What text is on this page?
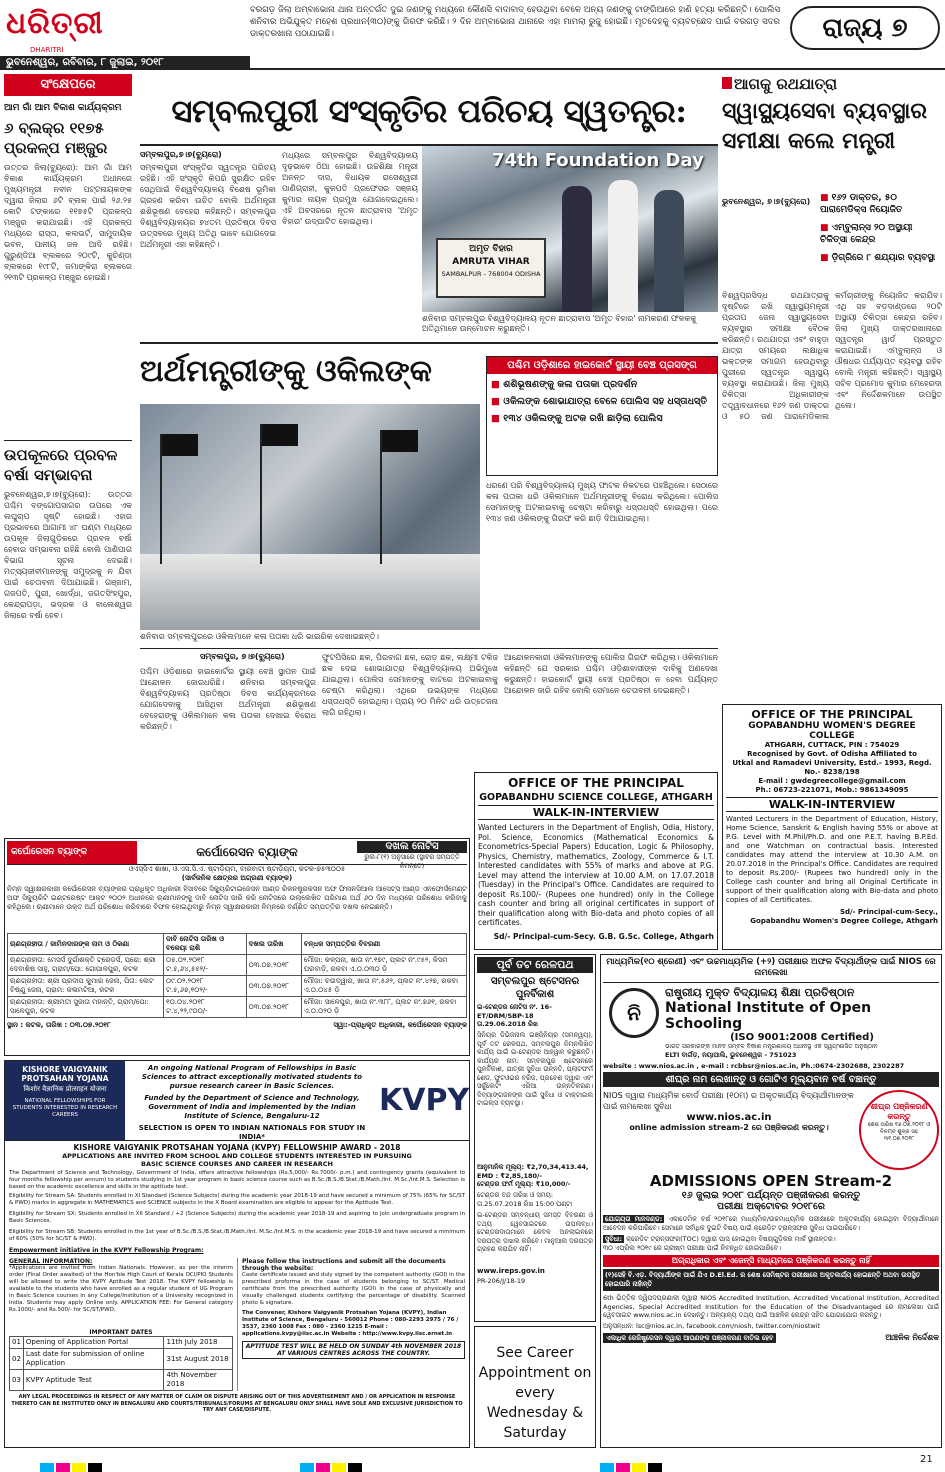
ଧରିତ୍ରୀ
DHARITRI
ଭୁବନେଶ୍ୱର, ରବିବାର, ୮ ଜୁଲାଇ, ୨୦୧୮
ବରଗଡ଼ ଜିଲା ଅମ୍ବାଭୋନା ଥାନା ଅନ୍ତର୍ଗତ ଦୁଇ ଜଣଙ୍କୁ ମଧ୍ୟରେ କୌଣସି ବାଦାବାଦ୍ ହେଉଥିବା ବେଳେ ଅନ୍ୟ ଜଣଙ୍କୁ ଟାଙ୍ଗିଆରେ ହାଣି ହତ୍ୟା କରିଛନ୍ତି। ପୋଲିସ ଶନିବାର ଅଭିଯୁକ୍ତ ମହେଶ ପ୍ରଧାନ(୩୦)ଙ୍କୁ ଗିରଫ କରିଛି। ୨ ଦିନ ଅମ୍ବାଭୋନା ଥାନାରେ ଏହା ମାମଲା ରୁଜୁ ହୋଇଛି। ମୃତଦେହକୁ ବ୍ୟବଚ୍ଛେଦ ପାଇଁ ବରଗଡ଼ ସଦର ଡାକ୍ତରଖାନା ପଠାଯାଇଛି।	ରାଜ୍ୟ ୭
ସଂକ୍ଷେପରେ
ଆମ ଗାଁ ଆମ ବିକାଶ କାର୍ଯ୍ୟକ୍ରମ
୬ ବ୍ଲକ୍‌ର ୧୧୭୫ ପ୍ରକଳ୍ପ ମଞ୍ଜୁର
ଉତ୍ତର ଜିଲା(ବ୍ୟୁରୋ): ଆମ ଗାଁ ଆମ ବିକାଶ କାର୍ଯ୍ୟକ୍ରମ ଅଧୀନରେ ମୁଖ୍ୟମନ୍ତ୍ରୀ ନବୀନ ପଟ୍ଟନାୟକଙ୍କ ଦ୍ୱାରା ଜିଲାର ୬ଟି ବ୍ଲକ ପାଇଁ ୨୬.୨୫ କୋଟି ଟଙ୍କାରେ ୧୧୭୫ଟି ପ୍ରକଳ୍ପ ମଞ୍ଜୁର କରାଯାଇଛି। ଏହି ପ୍ରକଳ୍ପ ମଧ୍ୟରେ ରାସ୍ତା, କଲଭର୍ଟ, ସାମୁଦାୟିକ ଭବନ, ପାନୀୟ ଜଳ ଆଦି ରହିଛି। ଗୁରୁଣ୍ଡିଆ ବ୍ଲକରେ ୨୦୯ଟି, କୁଚିଣ୍ଡା ବ୍ଲକରେ ୧୯୮ଟି, ଜମାଙ୍କିରା ବ୍ଲକରେ ୨୧୩ଟି ପ୍ରକଳ୍ପ ମଞ୍ଜୁର ହୋଇଛି।
ଉପକୂଳରେ ପ୍ରବଳ ବର୍ଷା ସମ୍ଭାବନା
ଭୁବନେଶ୍ୱର,୭।୭(ବ୍ୟୁରୋ): ଉତ୍ତର ପଶ୍ଚିମ ବଙ୍ଗୋପସାଗର ଉପରେ ଏକ ଲଘୁଚାପ ସୃଷ୍ଟି ହୋଇଛି। ଏହାର ପ୍ରଭାବରେ ଆଗାମୀ ୪୮ ଘଣ୍ଟା ମଧ୍ୟରେ ଉପକୂଳ ଜିଲାଗୁଡ଼ିକରେ ପ୍ରବଳ ବର୍ଷା ହେବାର ସମ୍ଭାବନା ରହିଛି ବୋଲି ପାଣିପାଗ ବିଭାଗ ସୂଚନା ଦେଇଛି। ମତ୍ସ୍ୟଜୀବୀମାନଙ୍କୁ ସମୁଦ୍ରକୁ ନ ଯିବା ପାଇଁ ଚେତାବନୀ ଦିଆଯାଇଛି। ଗଞ୍ଜାମ, ଗଜପତି, ପୁରୀ, ଖୋର୍ଦ୍ଧା, ଜଗତସିଂହପୁର, କେନ୍ଦ୍ରାପଡ଼ା, ଭଦ୍ରକ ଓ ବାଲେଶ୍ୱର ଜିଲାରେ ବର୍ଷା ହେବ।
ସମ୍ବଲପୁରୀ ସଂସ୍କୃତିର ପରିଚୟ ସ୍ୱତନ୍ତ୍ର:
ସମ୍ବଲପୁର,୭।୭(ବ୍ୟୁରୋ)
ସମ୍ବଲପୁରୀ ସଂସ୍କୃତିର ସ୍ୱତନ୍ତ୍ର ପରିଚୟ ରହିଛି। ଏହି ସଂସ୍କୃତି କିପରି ସୁରକ୍ଷିତ ରହିବ ସେଥିପାଇଁ ବିଶ୍ୱବିଦ୍ୟାଳୟ ବିଶେଷ ଭୂମିକା ଗ୍ରହଣ କରିବା ଉଚିତ ବୋଲି ଅର୍ଥମନ୍ତ୍ରୀ ଶଶିଭୂଷଣ ବେହେରା କହିଛନ୍ତି। ସମ୍ବଲପୁର ବିଶ୍ୱବିଦ୍ୟାଳୟର ୭୪ତମ ପ୍ରତିଷ୍ଠା ଦିବସ ଉତ୍ସବରେ ମୁଖ୍ୟ ଅତିଥି ଭାବେ ଯୋଗଦେଇ ଅର୍ଥମନ୍ତ୍ରୀ ଏହା କହିଛନ୍ତି।
ମଧ୍ୟରେ ସମ୍ବଲପୁର ବିଶ୍ୱବିଦ୍ୟାଳୟ ଦୃଢ଼ଭାବେ ଠିଆ ହୋଇଛି। ଉଚ୍ଚଶିକ୍ଷା ମନ୍ତ୍ରୀ ଅନନ୍ତ ଦାସ, ବିଧାୟକ ରାସେଶ୍ୱରୀ ପାଣିଗ୍ରାହୀ, କୁଳପତି ପ୍ରଫେସର ସଞ୍ଜୟ କୁମାର ନାୟକ ପ୍ରମୁଖ ଯୋଗଦେଇଥିଲେ। ଏହି ଅବସରରେ ନୂତନ ଛାତ୍ରାବାସ 'ଅମୃତ ବିହାର' ଉଦ୍‌ଘାଟିତ ହୋଇଥିଲା।
74th Foundation Day
ଅମୃତ ବିହାର
AMRUTA VIHAR
SAMBALPUR - 768004 ODISHA
ଶନିବାର ସମ୍ବଲପୁର ବିଶ୍ୱବିଦ୍ୟାଳୟ ନୂତନ ଛାତ୍ରାବାସ 'ଅମୃତ ବିହାର' ନାମକରଣ ଫଳକକୁ ଅତିଥିମାନେ ଉନ୍ମୋଚନ କରୁଛନ୍ତି।
ଆଗକୁ ରଥଯାତ୍ରା
ସ୍ୱାସ୍ଥ୍ୟସେବା ବ୍ୟବସ୍ଥାର ସମୀକ୍ଷା କଲେ ମନ୍ତ୍ରୀ
ଭୁବନେଶ୍ୱର, ୭।୭(ବ୍ୟୁରୋ)	■ ୧୬୨ ଡାକ୍ତର, ୫୦ ପାରାମେଡିକ୍ସ ନିୟୋଜିତ
■ ଏମ୍ବୁଲାନ୍ସ ୨୦ ଅସ୍ଥାୟୀ ଚିକିତ୍ସା କେନ୍ଦ୍ର
■ ଡ଼ିଗ୍ରିରେ ୮ ଶଯ୍ୟାର ବ୍ୟବସ୍ଥା
ବିଶ୍ୱପ୍ରସିଦ୍ଧ ରଥଯାତ୍ରାକୁ ଦୃଷ୍ଟିରେ ରଖି ସ୍ୱାସ୍ଥ୍ୟମନ୍ତ୍ରୀ ପ୍ରତାପ ଜେନା ସ୍ୱାସ୍ଥ୍ୟସେବା ବ୍ୟବସ୍ଥାର ସମୀକ୍ଷା ବୈଠକ କରିଛନ୍ତି। ରଥଯାତ୍ରା ଏବଂ ବାହୁଡ଼ା ଯାତ୍ରା ସମୟରେ ଲକ୍ଷାଧିକ ଭକ୍ତଙ୍କ ସମାଗମ ହେଉଥିବାରୁ ପୁରୀରେ ସ୍ୱତନ୍ତ୍ର ସ୍ୱାସ୍ଥ୍ୟ ବ୍ୟବସ୍ଥା କରାଯାଉଛି। ଜିଲା ମୁଖ୍ୟ ଚିକିତ୍ସା ଅଧିକାରୀଙ୍କ ତତ୍ତ୍ୱାବଧାନରେ ୧୬୨ ଜଣ ଡାକ୍ତର ଓ ୫୦ ଜଣ ପାରାମେଡିକାଲ କର୍ମଚାରୀଙ୍କୁ ନିୟୋଜିତ କରାଯିବ। ଏଥି ସହ ବଡ଼ଦାଣ୍ଡରେ ୨୦ଟି ଅସ୍ଥାୟୀ ଚିକିତ୍ସା କେନ୍ଦ୍ର ରହିବ। ଜିଲା ମୁଖ୍ୟ ଡାକ୍ତରଖାନାରେ ସ୍ୱତନ୍ତ୍ର ୱାର୍ଡ ପ୍ରସ୍ତୁତ କରାଯାଇଛି। ଏମ୍ବୁଲାନ୍ସ ଓ ଔଷଧର ପର୍ଯ୍ୟାପ୍ତ ବ୍ୟବସ୍ଥା ରହିବ ବୋଲି ମନ୍ତ୍ରୀ କହିଛନ୍ତି। ସ୍ୱାସ୍ଥ୍ୟ ସଚିବ ପ୍ରମୋଦ କୁମାର ମେହେରଦା ଏବଂ ନିର୍ଦ୍ଦେଶକମାନେ ଉପସ୍ଥିତ ଥିଲେ।
ଅର୍ଥମନ୍ତ୍ରୀଙ୍କୁ ଓକିଲଙ୍କ
ଶନିବାର ସମ୍ବଲପୁରରେ ଓକିଲମାନେ କଳା ପତାକା ଧରି ଭାଇରିକ ଦେଖାଇଛନ୍ତି।
ପଶ୍ଚିମ ଓଡ଼ିଶାରେ ହାଇକୋର୍ଟ ସ୍ଥାୟୀ ବେଞ୍ଚ ପ୍ରସଙ୍ଗ
■ ଶଶିଭୂଷଣଙ୍କୁ କଳା ପତାକା ପ୍ରଦର୍ଶନ
■ ଓକିଲଙ୍କ ଶୋଭାଯାତ୍ରା ବେଳେ ପୋଲିସ ସହ ଧସ୍ତାଧସ୍ତି
■ ୧୩୪ ଓକିଲଙ୍କୁ ଅଟକ ରଖି ଛାଡ଼ିଲା ପୋଲିସ
ଧରଣେ ପରି ବିଶ୍ୱବିଦ୍ୟାଳୟ ମୁଖ୍ୟ ଫାଟକ ନିକଟରେ ପହଞ୍ଚିଥିଲେ। ସେଠାରେ କଳା ପତାକା ଧରି ଓକିଲମାନେ ଅର୍ଥମନ୍ତ୍ରୀଙ୍କୁ ବିରୋଧ କରିଥିଲେ। ପୋଲିସ ସେମାନଙ୍କୁ ଅଟକାଇବାକୁ ଚେଷ୍ଟା କରିବାରୁ ଧସ୍ତାଧସ୍ତି ହୋଇଥିଲା। ପରେ ୧୩୪ ଜଣ ଓକିଲଙ୍କୁ ଗିରଫ କରି ଛାଡ଼ି ଦିଆଯାଇଥିଲା।
ସମ୍ବଲପୁର, ୭।୭(ବ୍ୟୁରୋ)
ପଶ୍ଚିମ ଓଡ଼ିଶାରେ ହାଇକୋର୍ଟର ସ୍ଥାୟୀ ବେଞ୍ଚ ସ୍ଥାପନ ପାଇଁ ଆନ୍ଦୋଳନ ଜୋରଧରିଛି। ଶନିବାର ସମ୍ବଲପୁର ବିଶ୍ୱବିଦ୍ୟାଳୟ ପ୍ରତିଷ୍ଠା ଦିବସ କାର୍ଯ୍ୟକ୍ରମରେ ଯୋଗଦେବାକୁ ଆସିଥିବା ଅର୍ଥମନ୍ତ୍ରୀ ଶଶିଭୂଷଣ ବେହେରାଙ୍କୁ ଓକିଲମାନେ କଳା ପତାକା ଦେଖାଇ ବିରୋଧ କରିଛନ୍ତି।
ଫୁଟପିସିରେ ଛକ, ପିରବାଗ ଛକ, ରୋଡ଼ ଛକ, ଲକ୍ଷ୍ମୀ ଟକିଜ ଛକ ଦେଇ ଶୋଭାଯାତ୍ରା ବିଶ୍ୱବିଦ୍ୟାଳୟ ଅଭିମୁଖେ ଯାଇଥିଲା। ପୋଲିସ ସେମାନଙ୍କୁ ବାଟରେ ଅଟକାଇବାକୁ ଚେଷ୍ଟା କରିଥିଲା। ଏଥିରେ ଉଭୟଙ୍କ ମଧ୍ୟରେ ଧସ୍ତାଧସ୍ତି ହୋଇଥିଲା। ପ୍ରାୟ ୨୦ ମିନିଟ ଧରି ଉତ୍ତେଜନା ଲାଗି ରହିଥିଲା।
ଆନ୍ଦୋଳନକାରୀ ଓକିଲମାନଙ୍କୁ ପୋଲିସ ଗିରଫ କରିଥିଲା। ଓକିଲମାନେ କହିଛନ୍ତି ଯେ ସରକାର ପଶ୍ଚିମ ଓଡ଼ିଶାବାସୀଙ୍କ ଦାବିକୁ ଅଣଦେଖା କରୁଛନ୍ତି। ହାଇକୋର୍ଟ ସ୍ଥାୟୀ ବେଞ୍ଚ ପ୍ରତିଷ୍ଠା ନ ହେବା ପର୍ଯ୍ୟନ୍ତ ଆନ୍ଦୋଳନ ଜାରି ରହିବ ବୋଲି ସେମାନେ ଚେତାବନୀ ଦେଇଛନ୍ତି।
OFFICE OF THE PRINCIPAL
GOPABANDHU SCIENCE COLLEGE, ATHGARH
WALK-IN-INTERVIEW
Wanted Lecturers in the Department of English, Odia, History, Pol. Science, Economics (Mathematical Economics & Econometrics-Special Papers) Education, Logic & Philosophy, Physics, Chemistry, mathematics, Zoology, Commerce & I.T. Interested candidates with 55% of marks and above at P.G. Level may attend the interview at 10.00 A.M. on 17.07.2018 (Tuesday) in the Principal's Office. Candidates are required to deposit Rs.100/- (Rupees one hundred) only in the College cash counter and bring all original certificates in support of their qualification along with Bio-data and photo copies of all certificates.
Sd/- Principal-cum-Secy. G.B. G.Sc. College, Athgarh
OFFICE OF THE PRINCIPAL
GOPABANDHU WOMEN'S DEGREE COLLEGE
ATHGARH, CUTTACK, PIN : 754029
Recognised by Govt. of Odisha Affiliated to
Utkal and Ramadevi University, Estd.- 1993, Regd. No.- 8238/198
E-mail : gwdegreecollege@gmail.com
Ph.: 06723-221071, Mob.: 9861349095
WALK-IN-INTERVIEW
Wanted Lecturers in the Department of Education, History, Home Science, Sanskrit & English having 55% or above at P.G. Level with M.Phil/Ph.D. and one P.E.T. having B.P.Ed. and one Watchman on contractual basis. Interested candidates may attend the interview at 10.30 A.M. on 20.07.2018 in the Principal's Office. Candidates are required to deposit Rs.200/- (Rupees two hundred) only in the College cash counter and bring all Original Certificate in support of their qualification along with Bio-data and photo copies of all Certificates.
Sd/- Principal-cum-Secy.,
Gopabandhu Women's Degree College, Athgarh
କର୍ପୋରେସନ ବ୍ୟାଙ୍କ Corporation Bank
କର୍ପୋରେସନ ବ୍ୟାଙ୍କ	ଦଖଲ ନୋଟିସ
ରୁଲ-୮(୧) ଅନୁସାରେ (ସ୍ଥାବର ସମ୍ପତ୍ତି ନିମନ୍ତେ)
ଓଏସ୍‌ସିଏ ଶାଖା, ଓ.ଏସ.ସି.ଏ. ଷ୍ଟାଡ଼ିୟମ, ବାରବାଟୀ ଷ୍ଟାଡ଼ିୟମ, କଟକ-୭୫୩୦୦୫
(ସାର୍ବଜନିକ କ୍ଷେତ୍ରର ଅଗ୍ରଣୀ ବ୍ୟାଙ୍କ)
ନିମ୍ନ ସ୍ୱାକ୍ଷରକାରୀ କର୍ପୋରେସନ ବ୍ୟାଙ୍କର ପ୍ରାଧିକୃତ ଅଧିକାରୀ ହିସାବରେ ସିକ୍ୟୁରିଟାଇଜେସନ ଆଣ୍ଡ ରିକନଷ୍ଟ୍ରକସନ ଅଫ ଫିନାନସିଆଲ ଆସେଟ୍‌ସ ଆଣ୍ଡ ଏନଫୋର୍ସମେଣ୍ଟ ଅଫ ସିକ୍ୟୁରିଟି ଇଣ୍ଟରେଷ୍ଟ ଆକ୍ଟ ୨୦୦୨ ଅଧୀନରେ ଋଣୀମାନଙ୍କୁ ଦାବି ନୋଟିସ ଜାରି କରି ନୋଟିସରେ ଉଲ୍ଲେଖିତ ପରିମାଣ ଅର୍ଥ ୬୦ ଦିନ ମଧ୍ୟରେ ପରିଶୋଧ କରିବାକୁ କହିଥିଲେ। ଋଣୀମାନେ ଉକ୍ତ ଅର୍ଥ ପରିଶୋଧ କରିବାରେ ବିଫଳ ହୋଇଥିବାରୁ ନିମ୍ନ ସ୍ୱାକ୍ଷରକାରୀ ନିମ୍ନରେ ବର୍ଣ୍ଣିତ ସମ୍ପତ୍ତିର ଦଖଲ ନେଇଛନ୍ତି।
ଋଣଗ୍ରହୀତା / ଜାମିନଦାରଙ୍କ ନାମ ଓ ଠିକଣା	ଦାବି ନୋଟିସ ତାରିଖ ଓ ବକେୟା ରାଶି	ଦଖଲ ତାରିଖ	ବନ୍ଧକ ସମ୍ପତ୍ତିର ବିବରଣୀ
ଋଣଗ୍ରହୀତା: ମେସର୍ସ ଦୁର୍ଗାଶକ୍ତି ଟ୍ରେଡ଼ର୍ସ, ପ୍ରୋ: ଶ୍ରୀ ଦେବାଶିଷ ସାହୁ, ଗ୍ରାମ/ପୋ: ଗୋପାଳପୁର, କଟକ	୦୫.୦୨.୨୦୧୮ ଟ.୫,୬୪,୫୫୨/-	୦୩.୦୭.୨୦୧୮	ମୌଜା: କଳ୍ପନା, ଖାତା ନଂ.୧୭୯, ପ୍ଲଟ ନଂ.୯୫୨, କିସମ ଘରବାଡ଼ି, ରକବା ଏ.୦.୦୩୦ ଡ଼ି
ଋଣଗ୍ରହୀତା: ଶ୍ରୀ ପ୍ରଦୀପ କୁମାର ଜେନା, ପିତା: ଲେଟ ବିଷ୍ଣୁ ଜେନା, ଗ୍ରାମ: କଳାମଟିଆ, କଟକ	୦୯.୦୨.୨୦୧୮ ଟ.୫,୬୭,୧୦୨/-	୦୩.୦୭.୨୦୧୮	ମୌଜା: ଚଉଦ୍ୱାର, ଖାତା ନଂ.୫୬୨, ପ୍ଲଟ ନଂ.୪୨୭, ରକବା ଏ.୦.୦୪୫ ଡ଼ି
ଋଣଗ୍ରହୀତା: ଶ୍ରୀମତୀ ସୁଜାତା ମହାନ୍ତି, ଗ୍ରାମ/ପୋ: ସାଳେପୁର, କଟକ	୧୦.୦୪.୨୦୧୮ ଟ.୪,୨୨,୯୦୦/-	୦୩.୦୭.୨୦୧୮	ମୌଜା: ସାଳେପୁର, ଖାତା ନଂ.୩୮୮, ପ୍ଲଟ ନଂ.୭୬୧, ରକବା ଏ.୦.୦୨୦ ଡ଼ି
ସ୍ଥାନ : କଟକ, ତାରିଖ : ୦୩.୦୭.୨୦୧୮	ସ୍ୱା:-ପ୍ରାଧିକୃତ ଅଧିକାରୀ, କର୍ପୋରେସନ ବ୍ୟାଙ୍କ
KISHORE VAIGYANIK
PROTSAHAN YOJANA
किशोर वैज्ञानिक प्रोत्साहन योजना
NATIONAL FELLOWSHIPS FOR STUDENTS INTERESTED IN RESEARCH CAREERS
An ongoing National Program of Fellowships in Basic Sciences to attract exceptionally motivated students to pursue research career in Basic Sciences.
Funded by the Department of Science and Technology, Government of India and implemented by the Indian Institute of Science, Bengaluru-12
SELECTION IS OPEN TO INDIAN NATIONALS FOR STUDY IN INDIA*
KVPY
KISHORE VAIGYANIK PROTSAHAN YOJANA (KVPY) FELLOWSHIP AWARD - 2018
APPLICATIONS ARE INVITED FROM SCHOOL AND COLLEGE STUDENTS INTERESTED IN PURSUING
BASIC SCIENCE COURSES AND CAREER IN RESEARCH
The Department of Science and Technology, Government of India, offers attractive fellowships (Rs.5,000/- Rs.7000/- p.m.) and contingency grants (equivalent to four months fellowship per annum) to students studying in 1st year program in basic science course such as B.Sc./B.S./B.Stat./B.Math./Int. M.Sc./Int.M.S. Selection is based on the academic excellence and skills in the aptitude test.
Eligibility for Stream SA: Students enrolled in XI Standard (Science Subjects) during the academic year 2018-19 and have secured a minimum of 75% (65% for SC/ST & PWD) marks in aggregate in MATHEMATICS and SCIENCE subjects in the X Board examination are eligible to appear for the Aptitude Test.
Eligibility for Stream SX: Students enrolled in XII Standard / +2 (Science Subjects) during the academic year 2018-19 and aspiring to join undergraduate program in Basic Sciences.
Eligibility for Stream SB: Students enrolled in the 1st year of B.Sc./B.S./B.Stat./B.Math./Int. M.Sc./Int.M.S. in the academic year 2018-19 and have secured a minimum of 60% (50% for SC/ST & PWD).
Empowerment initiative in the KVPY Fellowship Program:
GENERAL INFORMATION:
*Applications are invited from Indian Nationals. However, as per the interim order (Final Order awaited) of the Hon'ble High Court of Kerala OCI/PIO Students will be allowed to write the KVPY Aptitude Test 2018. The KVPY fellowship is available to the students who have enrolled as a regular student of UG Program in Basic Science courses in any College/Institution of a University recognized in India. Students may apply Online only. APPLICATION FEE: For General category Rs.1000/- and Rs.500/- for SC/ST/PWD.
IMPORTANT DATES
01	Opening of Application Portal	11th July 2018
02	Last date for submission of online Application	31st August 2018
03	KVPY Aptitude Test	4th November 2018
Please follow the instructions and submit all the documents through the website:
Caste certificate issued and duly signed by the competent authority (GOI) in the prescribed proforma in the case of students belonging to SC/ST. Medical certificate from the prescribed authority (GOI) in the case of physically and visually challenged students certifying the percentage of disability. Scanned photo & signature.
The Convener, Kishore Vaigyanik Protsahan Yojana (KVPY), Indian Institute of Science, Bengaluru - 560012 Phone : 080-2293 2975 / 76 / 3537, 2360 1008 Fax : 080 - 2360 1215 E-mail : applications.kvpy@iisc.ac.in Website : http://www.kvpy.iisc.ernet.in
APTITUDE TEST WILL BE HELD ON SUNDAY 4th NOVEMBER 2018 AT VARIOUS CENTRES ACROSS THE COUNTRY.
ANY LEGAL PROCEEDINGS IN RESPECT OF ANY MATTER OF CLAIM OR DISPUTE ARISING OUT OF THIS ADVERTISEMENT AND / OR APPLICATION IN RESPONSE THERETO CAN BE INSTITUTED ONLY IN BENGALURU AND COURTS/TRIBUNALS/FORUMS AT BENGALURU ONLY SHALL HAVE SOLE AND EXCLUSIVE JURISDICTION TO TRY ANY CASE/DISPUTE.
ପୂର୍ବ ତଟ ରେଳପଥ
ସମ୍ବଲପୁର ଷ୍ଟେସନର ପୁନର୍ବିକାଶ
ଇ-ଟେଣ୍ଡର ନୋଟିସ ନଂ. 16-ET/DRM/SBP-18
ତା.29.06.2018 ରିଖ
ସିନିୟର ଡିଭିଜନାଲ ଇଞ୍ଜିନିୟର (ସମନ୍ୱୟ), ପୂର୍ବ ତଟ ରେଳପଥ, ସମ୍ବଲପୁର ନିମ୍ନଲିଖିତ କାର୍ଯ୍ୟ ପାଇଁ ଇ-ଟେଣ୍ଡର ଆହ୍ୱାନ କରୁଛନ୍ତି। କାର୍ଯ୍ୟର ନାମ: ସମ୍ବଲପୁର ଷ୍ଟେସନରେ ପୁନର୍ବିକାଶ, ଯାତ୍ରୀ ସୁବିଧା ଉନ୍ନତି, ପ୍ଲାଟଫର୍ମ ଶେଡ, ଫୁଟଓଭର ବ୍ରିଜ, ପ୍ରବେଶ ଦ୍ୱାର ଏବଂ ସର୍କୁଲେଟିଂ ଏରିଆ ଉନ୍ନତିକରଣ। ଦିବ୍ୟାଙ୍ଗଜନଙ୍କ ପାଇଁ ସୁବିଧା ଓ ଟାକ୍ଟାଇଲ ଟାଇଲ୍ସ ବ୍ୟବସ୍ଥା।
ଆନୁମାନିକ ମୂଲ୍ୟ: ₹2,70,34,413.44,
EMD : ₹2,85,180/-
ଟେଣ୍ଡର ଫର୍ମ ମୂଲ୍ୟ: ₹10,000/-
ଟେଣ୍ଡର ବନ୍ଦ ତାରିଖ ଓ ସମୟ: ତା.25.07.2018 ରିଖ 15:00 ଘଣ୍ଟା
ଇ-ଟେଣ୍ଡର ସମ୍ବନ୍ଧୀୟ ସମସ୍ତ ବିବରଣୀ ଓ ତଥ୍ୟ ୱେବସାଇଟରେ ଉପଲବ୍ଧ। ଟେଣ୍ଡରଦାତାମାନେ କେବଳ ଅନଲାଇନରେ ଦରପତ୍ର ଦାଖଲ କରିବେ। ମାନୁଆଲ ଦରପତ୍ର ଗ୍ରହଣ କରାଯିବ ନାହିଁ।
www.ireps.gov.in
PR-206/J/18-19
See Career Appointment on every Wednesday & Saturday
ମାଧ୍ୟମିକ(୧୦ ଶ୍ରେଣୀ) ଏବଂ ଉଚ୍ଚମାଧ୍ୟମିକ (+୨) ପରୀକ୍ଷାର ଅଫଳ ବିଦ୍ୟାର୍ଥୀଙ୍କ ପାଇଁ NIOS ରେ ନାମଲେଖା
ନି
ରାଷ୍ଟ୍ରୀୟ ମୁକ୍ତ ବିଦ୍ୟାଳୟ ଶିକ୍ଷା ପ୍ରତିଷ୍ଠାନ
National Institute of Open Schooling
(ISO 9001:2008 Certified)
ଭାରତ ସରକାରଙ୍କ ମାନବ ସମ୍ବଳ ବିକାଶ ମନ୍ତ୍ରଣାଳୟ ଅଧୀନସ୍ଥ ଏକ ସ୍ୱୟଂଶାସିତ ଅନୁଷ୍ଠାନ
ELTI ବାର୍ଗଡ଼, ନୟାପାଲି, ଭୁବନେଶ୍ୱର - 751023
website : www.nios.ac.in , e-mail : rcbbsr@nios.ac.in, Ph.:0674-2302688, 2302287
ଶୀଘ୍ର ନାମ ଲେଖାନ୍ତୁ ଓ ଗୋଟିଏ ମୂଲ୍ୟବାନ ବର୍ଷ ବଞ୍ଚାନ୍ତୁ
NIOS ଦ୍ୱାରା ମାଧ୍ୟମିକ ବୋର୍ଡ ପରୀକ୍ଷା (୧୦ମ) ର ଅକୃତକାର୍ଯ୍ୟ ବିଦ୍ୟାର୍ଥୀମାନଙ୍କ ପାଇଁ ନାମଲେଖା ସୁବିଧା
www.nios.ac.in
online admission stream-2 ରେ ପଞ୍ଜିକରଣ କରନ୍ତୁ।
ଶୀଘ୍ର ପଞ୍ଜିକରଣ କରନ୍ତୁ
ଶେଷ ତାରିଖ ୧୬.୦୭.୨୦୧୮ ଓ ବିଳମ୍ବ ଶୁଳ୍କ ସହ ୩୧.୦୭.୨୦୧୮
ADMISSIONS OPEN Stream-2
୧୬ ଜୁଲାଇ ୨୦୧୮ ପର୍ଯ୍ୟନ୍ତ ପଞ୍ଜୀକରଣ କରନ୍ତୁ
ପରୀକ୍ଷା ଅକ୍ଟୋବର ୨୦୧୮ରେ
ଯୋଗ୍ୟତା ମାନଦଣ୍ଡ: ଏକାଡେମିକ ବର୍ଷ ୨୦୧୮ରେ ମାଧ୍ୟମିକ/ଉଚ୍ଚମାଧ୍ୟମିକ ପରୀକ୍ଷାରେ ଅକୃତକାର୍ଯ୍ୟ ହୋଇଥିବା ବିଦ୍ୟାର୍ଥୀମାନେ ଆବେଦନ କରିପାରିବେ। ସେମାନେ ସର୍ବାଧିକ ଦୁଇଟି ବିଷୟ ପାଇଁ କ୍ରେଡ଼ିଟ ଟ୍ରାନ୍ସଫର ସୁବିଧା ପାଇପାରିବେ।
ସୁବିଧା: କ୍ରେଡ଼ିଟ ଟ୍ରାନ୍ସଫର(TOC) ଦ୍ୱାରା ପାସ୍ ହୋଇଥିବା ବିଷୟଗୁଡ଼ିକର ମାର୍କ ସ୍ଥାନାନ୍ତର।
୩୦ ଏପ୍ରିଲ ୨୦୧୯ ରେ ଗ୍ରୀଷ୍ମ ପରୀକ୍ଷା ପାଇଁ ନିବନ୍ଧିତ ହୋଇପାରିବେ।
ଅଗ୍ରାଧିକାର ଏବଂ ଏଜେନ୍ସି ମାଧ୍ୟମରେ ପଞ୍ଜିକରଣ କରନ୍ତୁ ନାହିଁ
(୧)ସେହି ବି.ଏଡ଼. ବିଦ୍ୟାର୍ଥୀଙ୍କ ପାଇଁ ଯିଏ D.El.Ed. ର ଶେଷ ସେମିଷ୍ଟର ପରୀକ୍ଷାରେ ଅକୃତକାର୍ଯ୍ୟ ହୋଇଛନ୍ତି ଅଥବା ଉପସ୍ଥିତ ହୋଇପାରି ନାହାଁନ୍ତି
6th ଭିତ୍ତିକ ଦ୍ୱିପଦପ୍ରଣାଳୀ ଦ୍ୱାରା NIOS Accredited Institution, Accredited Vocational Institution, Accredited Agencies, Special Accredited Institution for the Education of the Disadvantaged ରେ ନାମଲେଖା ପାଇଁ ୱେବସାଇଟ www.nios.ac.in ଦେଖନ୍ତୁ। ଅନ୍ୟାନ୍ୟ ତଥ୍ୟ ପାଇଁ ଆଞ୍ଚଳିକ କେନ୍ଦ୍ର ସହିତ ଯୋଗାଯୋଗ କରନ୍ତୁ।
ଅନୁସନ୍ଧାନ: lsc@nios.ac.in, facebook.com/niosh, twitter.com/niostwit
ଏକାଧିକ ରେଜିଷ୍ଟ୍ରେସନ ଦ୍ୱାରା ଆପଣଙ୍କ ପଞ୍ଜୀକରଣ ବାତିଲ ହେବ	ଆଞ୍ଚଳିକ ନିର୍ଦ୍ଦେଶକ
21
